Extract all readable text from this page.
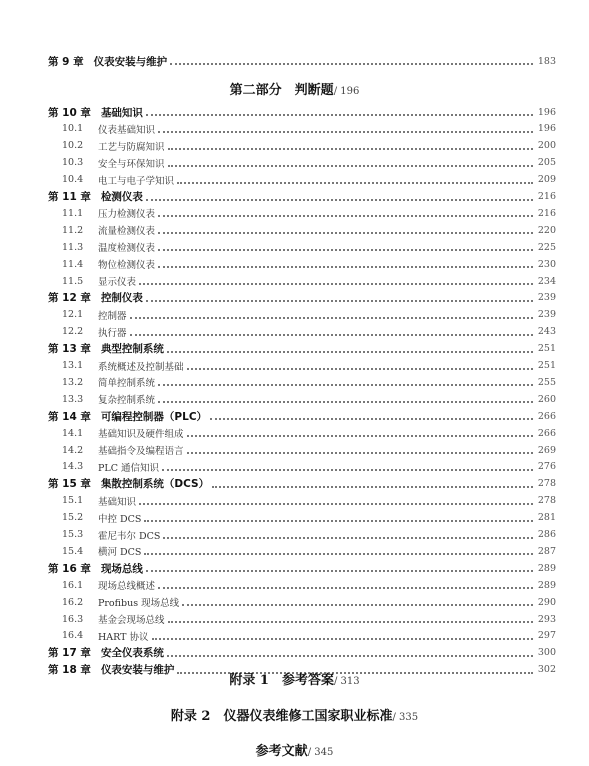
第 9 章 仪表安装与维护	183
第二部分　判断题/ 196
第 10 章 基础知识	196
10.1	仪表基础知识	196
10.2	工艺与防腐知识	200
10.3	安全与环保知识	205
10.4	电工与电子学知识	209
第 11 章 检测仪表	216
11.1	压力检测仪表	216
11.2	流量检测仪表	220
11.3	温度检测仪表	225
11.4	物位检测仪表	230
11.5	显示仪表	234
第 12 章 控制仪表	239
12.1	控制器	239
12.2	执行器	243
第 13 章 典型控制系统	251
13.1	系统概述及控制基础	251
13.2	简单控制系统	255
13.3	复杂控制系统	260
第 14 章 可编程控制器（PLC）	266
14.1	基础知识及硬件组成	266
14.2	基础指令及编程语言	269
14.3	PLC 通信知识	276
第 15 章 集散控制系统（DCS）	278
15.1	基础知识	278
15.2	中控 DCS	281
15.3	霍尼韦尔 DCS	286
15.4	横河 DCS	287
第 16 章 现场总线	289
16.1	现场总线概述	289
16.2	Profibus 现场总线	290
16.3	基金会现场总线	293
16.4	HART 协议	297
第 17 章 安全仪表系统	300
第 18 章 仪表安装与维护	302
附录 1　参考答案/ 313
附录 2　仪器仪表维修工国家职业标准/ 335
参考文献/ 345
